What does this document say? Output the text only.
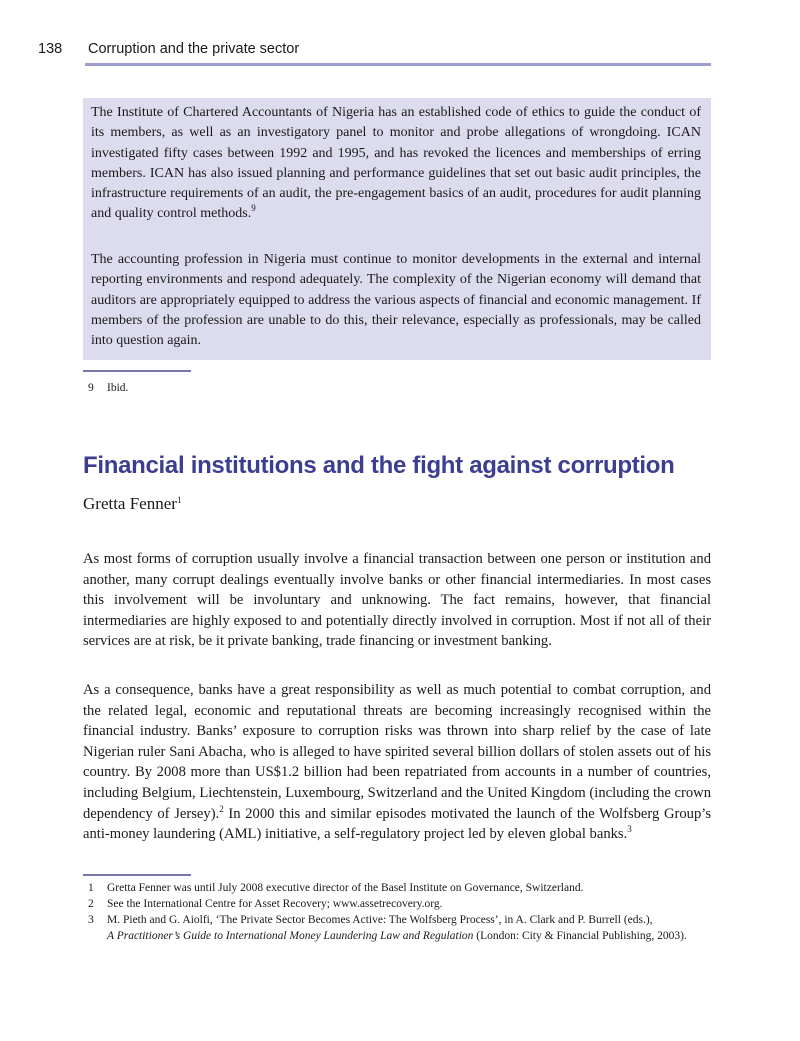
138 Corruption and the private sector

The Institute of Chartered Accountants of Nigeria has an established code of ethics to guide the conduct of its members, as well as an investigatory panel to monitor and probe allegations of wrongdoing. ICAN investigated fifty cases between 1992 and 1995, and has revoked the licences and memberships of erring members. ICAN has also issued planning and performance guidelines that set out basic audit principles, the infrastructure requirements of an audit, the pre-engagement basics of an audit, procedures for audit planning and quality control methods.$^9$

The accounting profession in Nigeria must continue to monitor developments in the external and internal reporting environments and respond adequately. The complexity of the Nigerian economy will demand that auditors are appropriately equipped to address the various aspects of financial and economic management. If members of the profession are unable to do this, their relevance, especially as professionals, may be called into question again.

9 Ibid.
Financial institutions and the fight against corruption
Gretta Fenner$^1$

As most forms of corruption usually involve a financial transaction between one person or institution and another, many corrupt dealings eventually involve banks or other financial intermediaries. In most cases this involvement will be involuntary and unknowing. The fact remains, however, that financial intermediaries are highly exposed to and potentially directly involved in corruption. Most if not all of their services are at risk, be it private banking, trade financing or investment banking.

As a consequence, banks have a great responsibility as well as much potential to combat corruption, and the related legal, economic and reputational threats are becoming increasingly recognised within the financial industry. Banks’ exposure to corruption risks was thrown into sharp relief by the case of late Nigerian ruler Sani Abacha, who is alleged to have spirited several billion dollars of stolen assets out of his country. By 2008 more than US$1.2 billion had been repatriated from accounts in a number of countries, including Belgium, Liechtenstein, Luxembourg, Switzerland and the United Kingdom (including the crown dependency of Jersey).$^2$ In 2000 this and similar episodes motivated the launch of the Wolfsberg Group’s anti-money laundering (AML) initiative, a self-regulatory project led by eleven global banks.$^3$

1 Gretta Fenner was until July 2008 executive director of the Basel Institute on Governance, Switzerland.
2 See the International Centre for Asset Recovery; www.assetrecovery.org.
3 M. Pieth and G. Aiolfi, ‘The Private Sector Becomes Active: The Wolfsberg Process’, in A. Clark and P. Burrell (eds.),
A Practitioner’s Guide to International Money Laundering Law and Regulation (London: City & Financial Publishing, 2003).
